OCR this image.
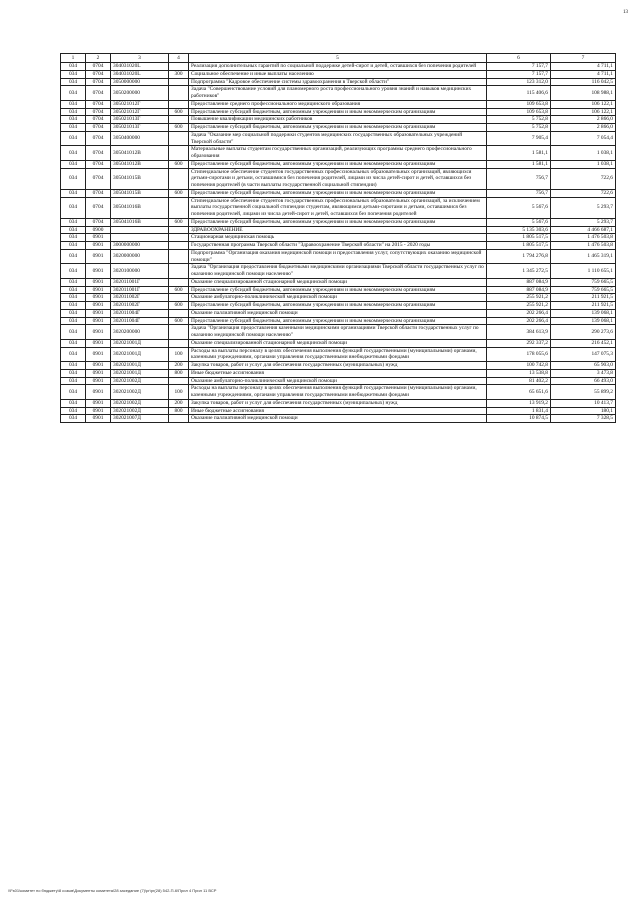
13
1	2	3	4	5	6	7
034	0704	304031020L		Реализация дополнительных гарантий по социальной поддержке детей-сирот и детей, оставшихся без попечения родителей	7 157,7	4 711,1
034	0704	304031020L	300	Социальное обеспечение и иные выплаты населению	7 157,7	4 711,1
034	0704	3050000000		Подпрограмма "Кадровое обеспечение системы здравоохранения в Тверской области"	123 312,0	116 042,5
034	0704	3050200000		Задача "Совершенствование условий для планомерного роста профессионального уровня знаний и навыков медицинских работников"	115 406,6	108 988,1
034	0704	305021012Г		Предоставление среднего профессионального медицинского образования	109 653,8	106 122,1
034	0704	305021012Г	600	Предоставление субсидий бюджетным, автономным учреждениям и иным некоммерческим организациям	109 653,8	106 122,1
034	0704	305021013Г		Повышение квалификации медицинских работников	5 752,8	2 866,0
034	0704	305021013Г	600	Предоставление субсидий бюджетным, автономным учреждениям и иным некоммерческим организациям	5 752,8	2 866,0
034	0704	3050400000		Задача "Оказание мер социальной поддержки студентов медицинских государственных образовательных учреждений Тверской области"	7 905,4	7 054,4
034	0704	305041012В		Материальные выплаты студентам государственных организаций, реализующих программы среднего профессионального образования	1 581,1	1 038,1
034	0704	305041012В	600	Предоставление субсидий бюджетным, автономным учреждениям и иным некоммерческим организациям	1 581,1	1 038,1
034	0704	305041015В		Стипендиальное обеспечение студентов государственных профессиональных образовательных организаций, являющихся детьми-сиротами и детьми, оставшимися без попечения родителей, лицами из числа детей-сирот и детей, оставшихся без попечения родителей (в части выплаты государственной социальной стипендии)	756,7	722,6
034	0704	305041015В	600	Предоставление субсидий бюджетным, автономным учреждениям и иным некоммерческим организациям	756,7	722,6
034	0704	305041016В		Стипендиальное обеспечение студентов государственных профессиональных образовательных организаций, за исключением выплаты государственной социальной стипендии студентам, являющимся детьми-сиротами и детьми, оставшимися без попечения родителей, лицами из числа детей-сирот и детей, оставшихся без попечения родителей	5 567,6	5 293,7
034	0704	305041016В	600	Предоставление субсидий бюджетным, автономным учреждениям и иным некоммерческим организациям	5 567,6	5 293,7
034	0900			ЗДРАВООХРАНЕНИЕ	5 135 303,6	4 466 687,1
034	0901			Стационарная медицинская помощь	1 805 517,5	1 476 503,8
034	0901	3000000000		Государственная программа Тверской области "Здравоохранение Тверской области" на 2015 - 2020 годы	1 805 517,5	1 476 503,8
034	0901	3020000000		Подпрограмма "Организация оказания медицинской помощи и предоставления услуг, сопутствующих оказанию медицинской помощи"	1 794 276,8	1 465 319,1
034	0901	3020100000		Задача "Организация предоставления бюджетными медицинскими организациями Тверской области государственных услуг по оказанию медицинской помощи населению"	1 345 272,5	1 110 655,1
034	0901	302011001Г		Оказание специализированной стационарной медицинской помощи	887 084,9	759 665,5
034	0901	302011001Г	600	Предоставление субсидий бюджетным, автономным учреждениям и иным некоммерческим организациям	887 084,9	759 665,5
034	0901	302011002Г		Оказание амбулаторно-поликлинической медицинской помощи	255 921,2	211 921,5
034	0901	302011002Г	600	Предоставление субсидий бюджетным, автономным учреждениям и иным некоммерческим организациям	255 921,2	211 921,5
034	0901	302011004Г		Оказание паллиативной медицинской помощи	202 266,4	139 068,1
034	0901	302011004Г	600	Предоставление субсидий бюджетным, автономным учреждениям и иным некоммерческим организациям	202 266,4	139 068,1
034	0901	3020200000		Задача "Организация предоставления казенными медицинскими организациями Тверской области государственных услуг по оказанию медицинской помощи населению"	384 613,9	290 273,6
034	0901	302021001Д		Оказание специализированной стационарной медицинской помощи	292 337,2	216 452,1
034	0901	302021001Д	100	Расходы на выплаты персоналу в целях обеспечения выполнения функций государственными (муниципальными) органами, казенными учреждениями, органами управления государственными внебюджетными фондами	178 055,6	147 075,3
034	0901	302021001Д	200	Закупка товаров, работ и услуг для обеспечения государственных (муниципальных) нужд	100 742,8	65 903,0
034	0901	302021001Д	800	Иные бюджетные ассигнования	13 538,8	3 473,8
034	0901	302021002Д		Оказание амбулаторно-поликлинической медицинской помощи	81 402,2	66 493,0
034	0901	302021002Д	100	Расходы на выплаты персоналу в целях обеспечения выполнения функций государственными (муниципальными) органами, казенными учреждениями, органами управления государственными внебюджетными фондами	65 651,6	55 899,2
034	0901	302021002Д	200	Закупка товаров, работ и услуг для обеспечения государственных (муниципальных) нужд	13 919,2	10 413,7
034	0901	302021002Д	800	Иные бюджетные ассигнования	1 831,4	180,1
034	0901	302021007Д		Оказание паллиативной медицинской помощи	10 874,5	7 328,5
\\Fs01\комитет по бюджету\8 созыв\Документы комитета\28 заседание (7)\pr\pr(28) 542-П-6\Прил 4 Прил 11 ВСР
